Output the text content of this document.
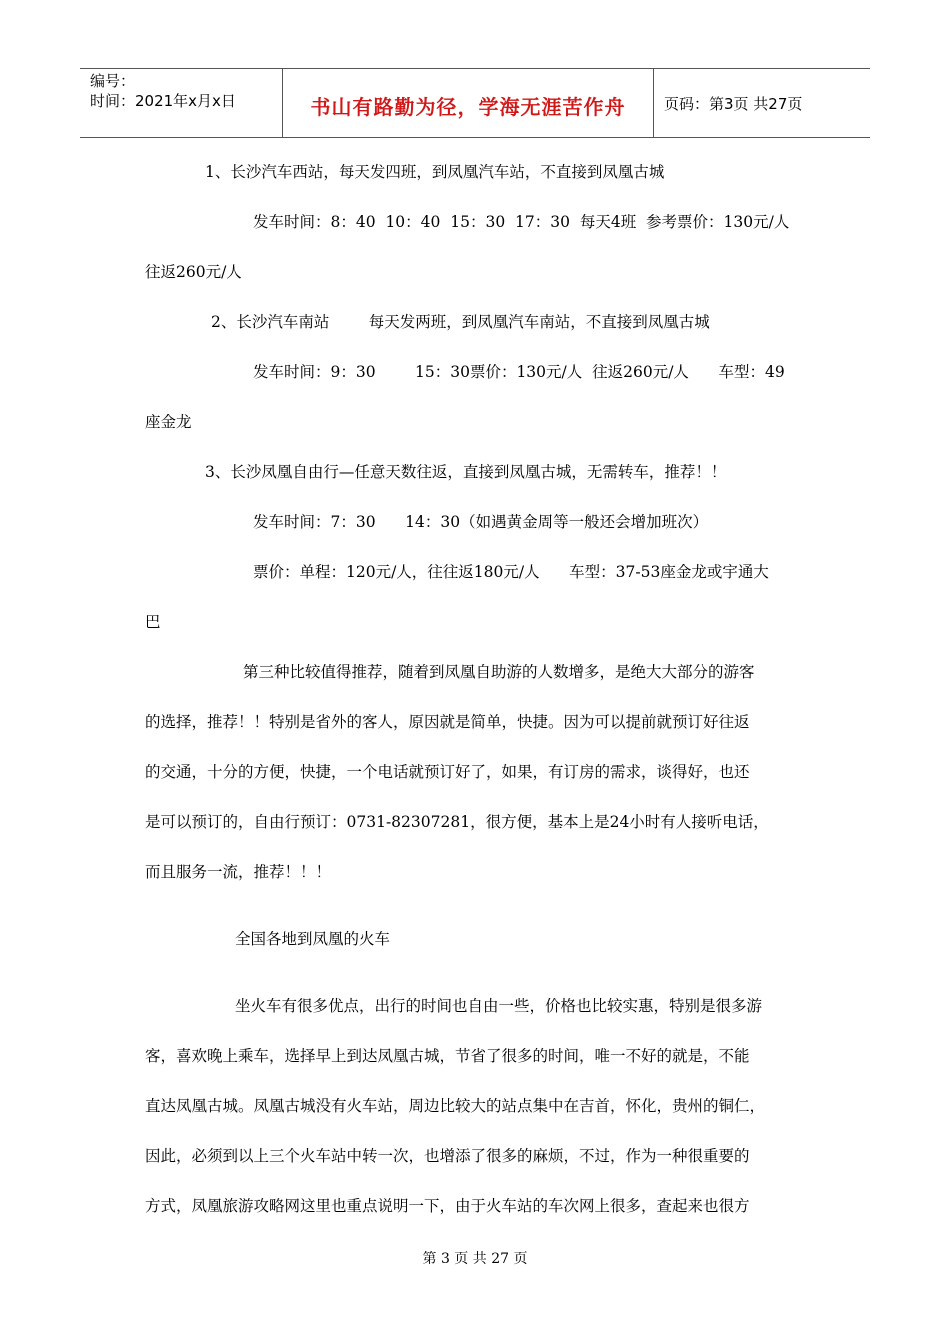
编号：
时间：2021年x月x日	书山有路勤为径，学海无涯苦作舟	页码：第3页 共27页
1、长沙汽车西站，每天发四班，到凤凰汽车站，不直接到凤凰古城
发车时间：8：40  10：40  15：30  17：30  每天4班  参考票价：130元/人
往返260元/人
2、长沙汽车南站        每天发两班，到凤凰汽车南站，不直接到凤凰古城
发车时间：9：30        15：30票价：130元/人  往返260元/人      车型：49
座金龙
3、长沙凤凰自由行—任意天数往返，直接到凤凰古城，无需转车，推荐！！
发车时间：7：30      14：30（如遇黄金周等一般还会增加班次）
票价：单程：120元/人，往往返180元/人      车型：37-53座金龙或宇通大
巴
第三种比较值得推荐，随着到凤凰自助游的人数增多，是绝大大部分的游客
的选择，推荐！！特别是省外的客人，原因就是简单，快捷。因为可以提前就预订好往返
的交通，十分的方便，快捷，一个电话就预订好了，如果，有订房的需求，谈得好，也还
是可以预订的，自由行预订：0731-82307281，很方便，基本上是24小时有人接听电话，
而且服务一流，推荐！！！
全国各地到凤凰的火车
坐火车有很多优点，出行的时间也自由一些，价格也比较实惠，特别是很多游
客，喜欢晚上乘车，选择早上到达凤凰古城，节省了很多的时间，唯一不好的就是，不能
直达凤凰古城。凤凰古城没有火车站，周边比较大的站点集中在吉首，怀化，贵州的铜仁，
因此，必须到以上三个火车站中转一次，也增添了很多的麻烦，不过，作为一种很重要的
方式，凤凰旅游攻略网这里也重点说明一下，由于火车站的车次网上很多，查起来也很方
第 3 页 共 27 页
